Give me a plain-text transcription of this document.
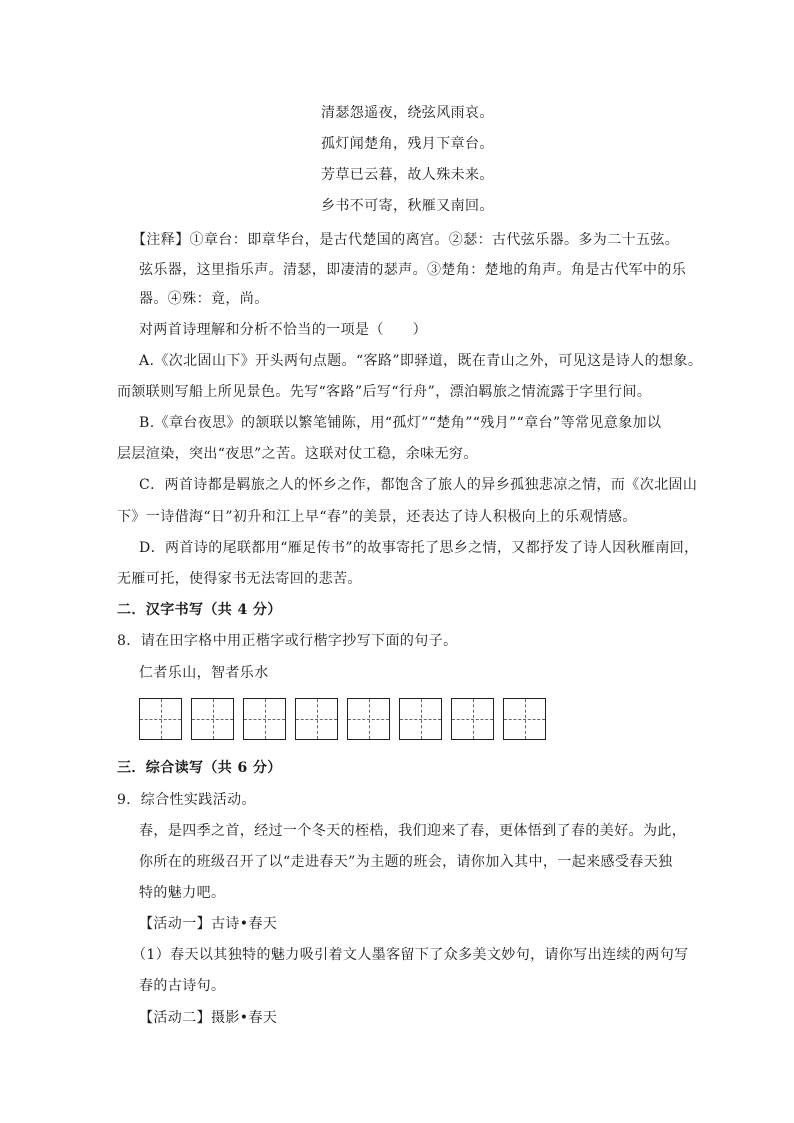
清瑟怨遥夜，绕弦风雨哀。
孤灯闻楚角，残月下章台。
芳草已云暮，故人殊未来。
乡书不可寄，秋雁又南回。
【注释】①章台：即章华台，是古代楚国的离宫。②瑟：古代弦乐器。多为二十五弦。
弦乐器，这里指乐声。清瑟，即凄清的瑟声。③楚角：楚地的角声。角是古代军中的乐
器。④殊：竟，尚。
对两首诗理解和分析不恰当的一项是（　　）
A.《次北固山下》开头两句点题。“客路”即驿道，既在青山之外，可见这是诗人的想象。
而颔联则写船上所见景色。先写“客路”后写“行舟”，漂泊羁旅之情流露于字里行间。
B.《章台夜思》的颔联以繁笔铺陈，用“孤灯”“楚角”“残月”“章台”等常见意象加以
层层渲染，突出“夜思”之苦。这联对仗工稳，余味无穷。
C．两首诗都是羁旅之人的怀乡之作，都饱含了旅人的异乡孤独悲凉之情，而《次北固山
下》一诗借海“日”初升和江上早“春”的美景，还表达了诗人积极向上的乐观情感。
D．两首诗的尾联都用“雁足传书”的故事寄托了思乡之情，又都抒发了诗人因秋雁南回，
无雁可托，使得家书无法寄回的悲苦。
二．汉字书写（共 4 分）
8．请在田字格中用正楷字或行楷字抄写下面的句子。
仁者乐山，智者乐水
三．综合读写（共 6 分）
9．综合性实践活动。
春，是四季之首，经过一个冬天的桎梏，我们迎来了春，更体悟到了春的美好。为此，
你所在的班级召开了以“走进春天”为主题的班会，请你加入其中，一起来感受春天独
特的魅力吧。
【活动一】古诗•春天
（1）春天以其独特的魅力吸引着文人墨客留下了众多美文妙句，请你写出连续的两句写
春的古诗句。
【活动二】摄影•春天
